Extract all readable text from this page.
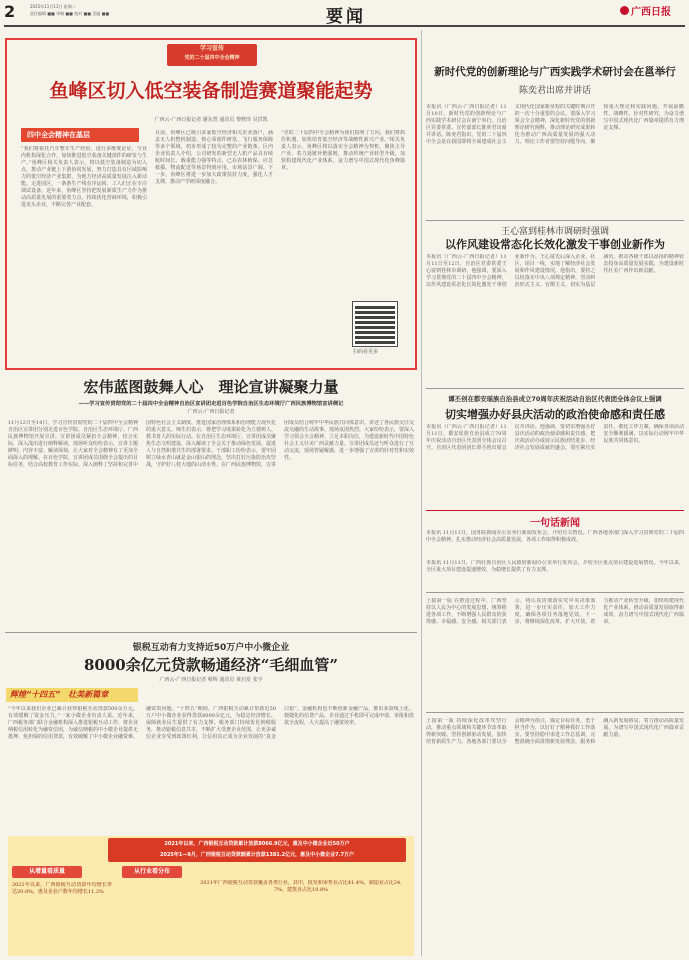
2	2025年11月11日 星期二
责任编辑 ■■ 审稿 ■■ 校对 ■■ 美编 ■■	要闻	广西日报
学习宣传
党的二十届四中全会精神
鱼峰区切入低空装备制造赛道聚能起势
广西云-广西日报记者 谢东然 通讯员 黎修泽 吴洪凯
四中全会精神在基层
“我们将依托汽车整车生产经验，进行多维度论证，与业内机构深化合作，加快推进低空装备关键部件的研发与生产。”鱼峰区相关负责人表示，将以低空装备制造为切入点，推动产业链上下游协同发展，努力打造具有区域影响力的低空经济产业集群，为地方经济高质量发展注入新动能。走进园区，一条条生产线有序运转，工人们正在专注调试设备。近年来，鱼峰区坚持把发展新质生产力作为推动高质量发展的重要着力点，持续优化营商环境，积极引进龙头企业，不断完善产业配套。
目前，鱼峰区已吸引多家低空经济相关企业落户，涵盖无人机整机制造、核心零部件研发、飞行服务保障等多个领域，初步形成了较为完整的产业链条。区内企业负责人介绍，公司研发的新型无人机产品具有续航时间长、载重能力强等特点，已在农林植保、应急救援、物流配送等场景得到应用，市场前景广阔。下一步，鱼峰区将进一步加大政策扶持力度，强化人才支撑，推动产学研深度融合。
“党的二十届四中全会精神为我们指明了方向，我们将抓住机遇，加快培育低空经济等战略性新兴产业。”相关负责人表示，鱼峰区将以落实全会精神为契机，聚焦主导产业，着力延链补链强链，推动传统产业转型升级，加快构建现代化产业体系，奋力谱写中国式现代化鱼峰篇章。
扫码看更多
宏伟蓝图鼓舞人心　理论宣讲凝聚力量
——学习宣传贯彻党的二十届四中全会精神自治区宣讲团走进百色学院自治区生态环境厅广西民族博物馆宣讲侧记
广西云-广西日报记者
11月12日至14日，学习宣传贯彻党的二十届四中全会精神自治区宣讲团分别走进百色学院、自治区生态环境厅、广西民族博物馆开展宣讲。宣讲团成员紧扣全会精神，结合实际，深入浅出进行阐释解读，现场听众纷纷表示，宣讲主题鲜明、内容丰富、解读深刻，让大家对全会精神有了更加全面深入的理解。在百色学院，宣讲团成员围绕全会提出的目标任务，结合高校教育工作实际，深入阐释了坚持和完善中国特色社会主义制度、推进国家治理体系和治理能力现代化的重大意义。师生们表示，将把学习成果转化为立德树人、教书育人的实际行动。在自治区生态环境厅，宣讲团成员聚焦生态文明建设，深入解读了全会关于推动绿色发展、促进人与自然和谐共生的部署要求。干部职工纷纷表示，要牢固树立绿水青山就是金山银山的理念，坚决打好污染防治攻坚战，守护好八桂大地的山清水秀。在广西民族博物馆，宣讲团成员结合铸牢中华民族共同体意识，讲述了各民族交往交流交融的生动故事，现场氛围热烈。大家纷纷表示，要深入学习领会全会精神，立足本职岗位，为建设新时代中国特色社会主义壮美广西贡献力量。宣讲团成员还与听众进行了互动交流，现场答疑解惑，进一步增强了宣讲的针对性和实效性。
银税互动有力支持近50万户中小微企业
8000余亿元贷款畅通经济“毛细血管”
广西云-广西日报记者 蔡辉 通讯员 黄启发 张宇
辉煌“十四五”　壮美新篇章
“今年以来我们企业已累计获得银税互动贷款500余万元，有效缓解了资金压力。”一家小微企业负责人说。近年来，广西税务部门联合金融机构深入推进银税互动工作，将企业纳税信用转化为融资信用，为诚信纳税的中小微企业提供无抵押、免担保的信用贷款，有效破解了中小微企业融资难、融资贵问题。“十四五”期间，广西银税互动累计帮助近50万户中小微企业获得贷款8000余亿元，为稳定经济增长、保障就业民生提供了有力支撑。税务部门持续优化纳税服务，推动银税信息共享，不断扩大受惠企业范围，让更多诚信企业享受到政策红利，让信用真正成为企业发展的“真金白银”。金融机构也不断创新金融产品，推出多款线上化、便捷化的信贷产品，企业通过手机即可完成申请、审批和放款全流程，大大提高了融资效率。
2021年以来，广西银税互动贷款累计放款8066.9亿元，惠及中小微企业近50万户
2025年1—9月，广西银税互动贷款额累计放款1381.2亿元，惠及中小微企业7.7万户
从增量看质量
2021年以来，广西银税互动贷款年均增长率达20.8%，惠及企业户数年均增长11.2%
从行业看分布
2021年广西银税互动贷款覆盖各类行业，其中，批发和零售业占比41.4%，制造业占比24.7%，建筑业占比10.8%
新时代党的创新理论与广西实践学术研讨会在邕举行
陈奕君出席并讲话
本报讯（广西云-广西日报记者）11月10日，新时代党的创新理论与广西实践学术研讨会在南宁举行。自治区党委常委、宣传部部长陈奕君出席并讲话。陈奕君指出，党的二十届四中全会是在我国即将全面建成社会主义现代化国家新征程的关键时期召开的一次十分重要的会议。要深入学习领会全会精神，深化新时代党的创新理论研究阐释，推动理论研究成果转化为推动广西高质量发展的强大动力。理论工作者要坚持问题导向，聚焦重大理论和实践问题，开展前瞻性、战略性、针对性研究，为奋力谱写中国式现代化广西篇章提供有力理论支撑。
王心富到桂林市调研时强调
以作风建设常态化长效化激发干事创业新作为
本报讯（广西云-广西日报记者）11月11日至12日，自治区党委常委王心富到桂林市调研。他强调，要深入学习贯彻党的二十届四中全会精神，以作风建设常态化长效化激发干事创业新作为。王心富先后深入企业、社区、项目一线，实地了解经济社会发展和作风建设情况。他指出，要持之以恒落实中央八项规定精神，坚决纠治形式主义、官僚主义，切实为基层减负，推动各级干部以昂扬的精神状态投身高质量发展实践，为建设新时代壮美广西作出新贡献。
谭丕创在都安瑶族自治县成立70周年庆祝活动自治区代表团全体会议上强调
切实增强办好县庆活动的政治使命感和责任感
本报讯（广西云-广西日报记者）11月11日，都安瑶族自治县成立70周年庆祝活动自治区代表团全体会议召开。自治区代表团团长谭丕创出席会议并讲话。他强调，要切实增强办好县庆活动的政治使命感和责任感，把庆祝活动办成展示民族团结进步、经济社会发展成就的盛会。要压紧压实责任，细化工作方案，确保各项活动安全顺利圆满，以实际行动铸牢中华民族共同体意识。
一句话新闻
本报讯 11月11日，国务院新闻办公室举行新闻发布会，介绍有关情况。广西各地各部门深入学习贯彻党的二十届四中全会精神，扎实推动经济社会高质量发展，各项工作取得积极成效。
本报讯 11月11日，广西壮族自治区人民政府新闻办公室举行发布会，介绍全区重点项目建设进展情况。今年以来，全区重大项目建设提速增效，为稳增长提供了有力支撑。
上接第一版 在推进过程中，广西坚持以人民为中心的发展思想，统筹推进各项工作，不断增强人民群众的获得感、幸福感、安全感。相关部门表示，将认真贯彻落实党中央决策部署，进一步压实责任，加大工作力度，确保各项任务落地见效。下一步，将继续深化改革，扩大开放，着力推动产业转型升级，加快构建现代化产业体系，推动高质量发展取得新成效，奋力谱写中国式现代化广西篇章。
上接第一版 持续深化改革攻坚行动，推动重点领域和关键环节改革取得新突破。坚持创新驱动发展，加快培育新质生产力。各地各部门要以全会精神为指引，锚定目标任务，勇于担当作为，以钉钉子精神抓好工作落实。要坚持稳中求进工作总基调，完整准确全面贯彻新发展理念，服务和融入新发展格局，着力推动高质量发展，为谱写中国式现代化广西篇章贡献力量。
